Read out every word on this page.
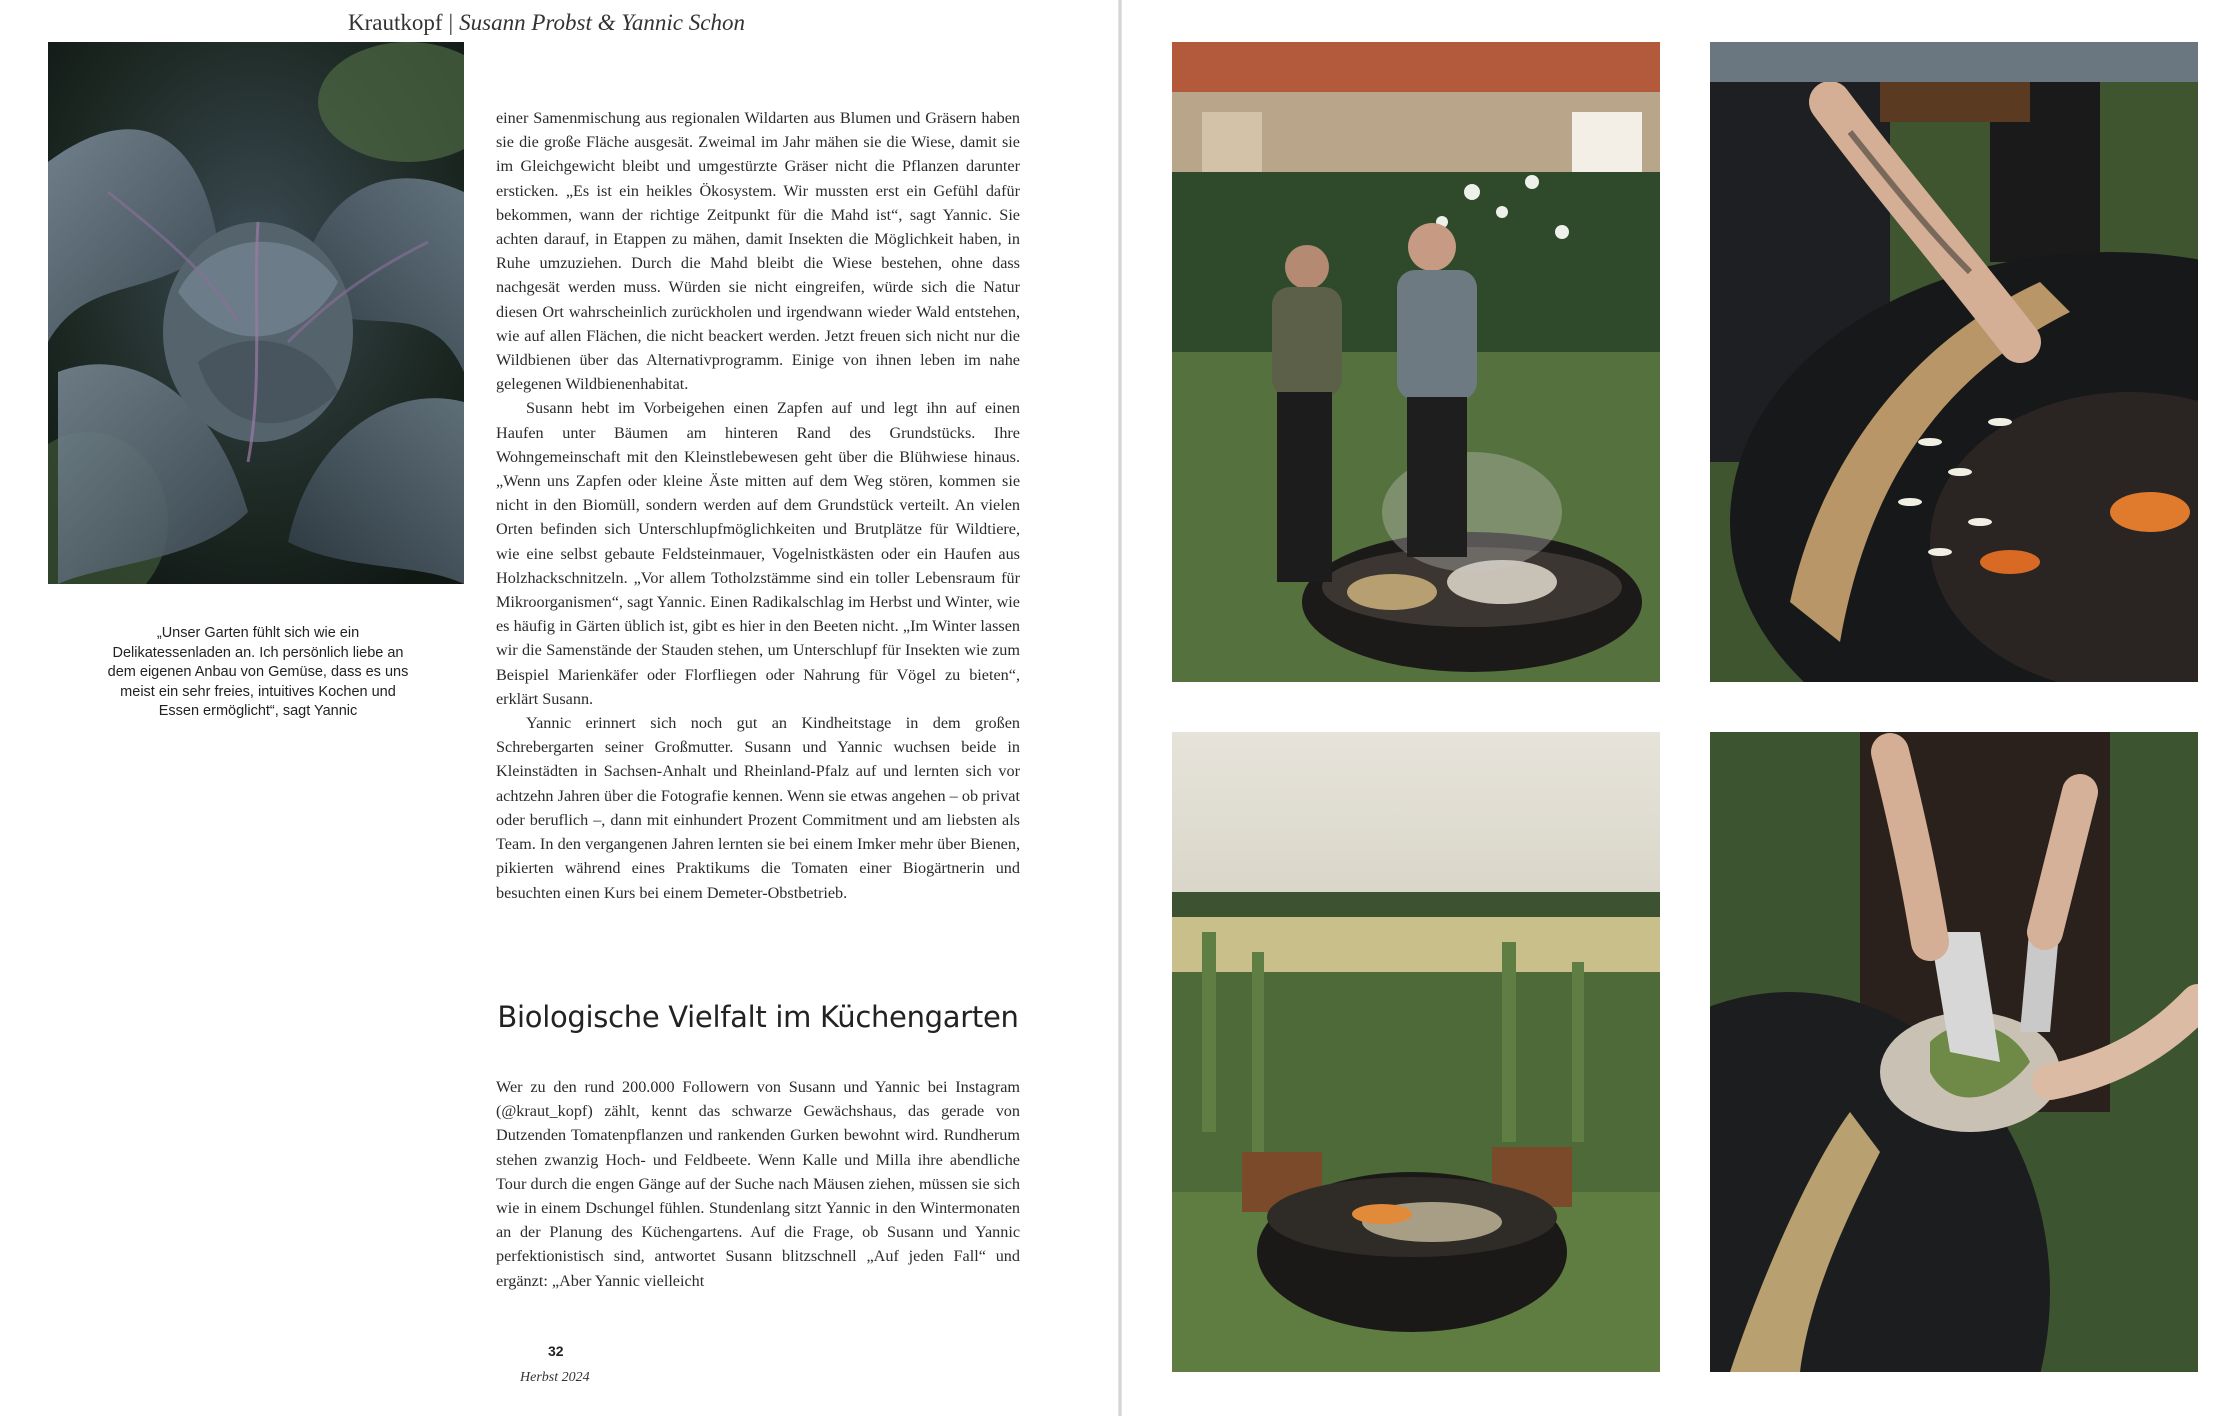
Krautkopf | Susann Probst & Yannic Schon
„Unser Garten fühlt sich wie ein Delikatessenladen an. Ich persönlich liebe an dem eigenen Anbau von Gemüse, dass es uns meist ein sehr freies, intuitives Kochen und Essen ermöglicht“, sagt Yannic

einer Samenmischung aus regionalen Wildarten aus Blumen und Gräsern haben sie die große Fläche ausgesät. Zweimal im Jahr mähen sie die Wiese, damit sie im Gleichgewicht bleibt und umgestürzte Gräser nicht die Pflanzen darunter ersticken. „Es ist ein heikles Ökosystem. Wir mussten erst ein Gefühl dafür bekommen, wann der richtige Zeitpunkt für die Mahd ist“, sagt Yannic. Sie achten darauf, in Etappen zu mähen, damit Insekten die Möglichkeit haben, in Ruhe umzuziehen. Durch die Mahd bleibt die Wiese bestehen, ohne dass nachgesät werden muss. Würden sie nicht eingreifen, würde sich die Natur diesen Ort wahrscheinlich zurückholen und irgendwann wieder Wald entstehen, wie auf allen Flächen, die nicht beackert werden. Jetzt freuen sich nicht nur die Wildbienen über das Alternativprogramm. Einige von ihnen leben im nahe gelegenen Wildbienenhabitat.

Susann hebt im Vorbeigehen einen Zapfen auf und legt ihn auf einen Haufen unter Bäumen am hinteren Rand des Grundstücks. Ihre Wohngemeinschaft mit den Kleinstlebewesen geht über die Blühwiese hinaus. „Wenn uns Zapfen oder kleine Äste mitten auf dem Weg stören, kommen sie nicht in den Biomüll, sondern werden auf dem Grundstück verteilt. An vielen Orten befinden sich Unterschlupfmöglichkeiten und Brutplätze für Wildtiere, wie eine selbst gebaute Feldsteinmauer, Vogelnistkästen oder ein Haufen aus Holzhackschnitzeln. „Vor allem Totholzstämme sind ein toller Lebensraum für Mikroorganismen“, sagt Yannic. Einen Radikalschlag im Herbst und Winter, wie es häufig in Gärten üblich ist, gibt es hier in den Beeten nicht. „Im Winter lassen wir die Samenstände der Stauden stehen, um Unterschlupf für Insekten wie zum Beispiel Marienkäfer oder Florfliegen oder Nahrung für Vögel zu bieten“, erklärt Susann.

Yannic erinnert sich noch gut an Kindheitstage in dem großen Schrebergarten seiner Großmutter. Susann und Yannic wuchsen beide in Kleinstädten in Sachsen-Anhalt und Rheinland-Pfalz auf und lernten sich vor achtzehn Jahren über die Fotografie kennen. Wenn sie etwas angehen – ob privat oder beruflich –, dann mit einhundert Prozent Commitment und am liebsten als Team. In den vergangenen Jahren lernten sie bei einem Imker mehr über Bienen, pikierten während eines Praktikums die Tomaten einer Biogärtnerin und besuchten einen Kurs bei einem Demeter-Obstbetrieb.

Biologische Vielfalt im Küchengarten

Wer zu den rund 200.000 Followern von Susann und Yannic bei Instagram (@kraut_kopf) zählt, kennt das schwarze Gewächshaus, das gerade von Dutzenden Tomatenpflanzen und rankenden Gurken bewohnt wird. Rundherum stehen zwanzig Hoch- und Feldbeete. Wenn Kalle und Milla ihre abendliche Tour durch die engen Gänge auf der Suche nach Mäusen ziehen, müssen sie sich wie in einem Dschungel fühlen. Stundenlang sitzt Yannic in den Wintermonaten an der Planung des Küchengartens. Auf die Frage, ob Susann und Yannic perfektionistisch sind, antwortet Susann blitzschnell „Auf jeden Fall“ und ergänzt: „Aber Yannic vielleicht

32
Herbst 2024
